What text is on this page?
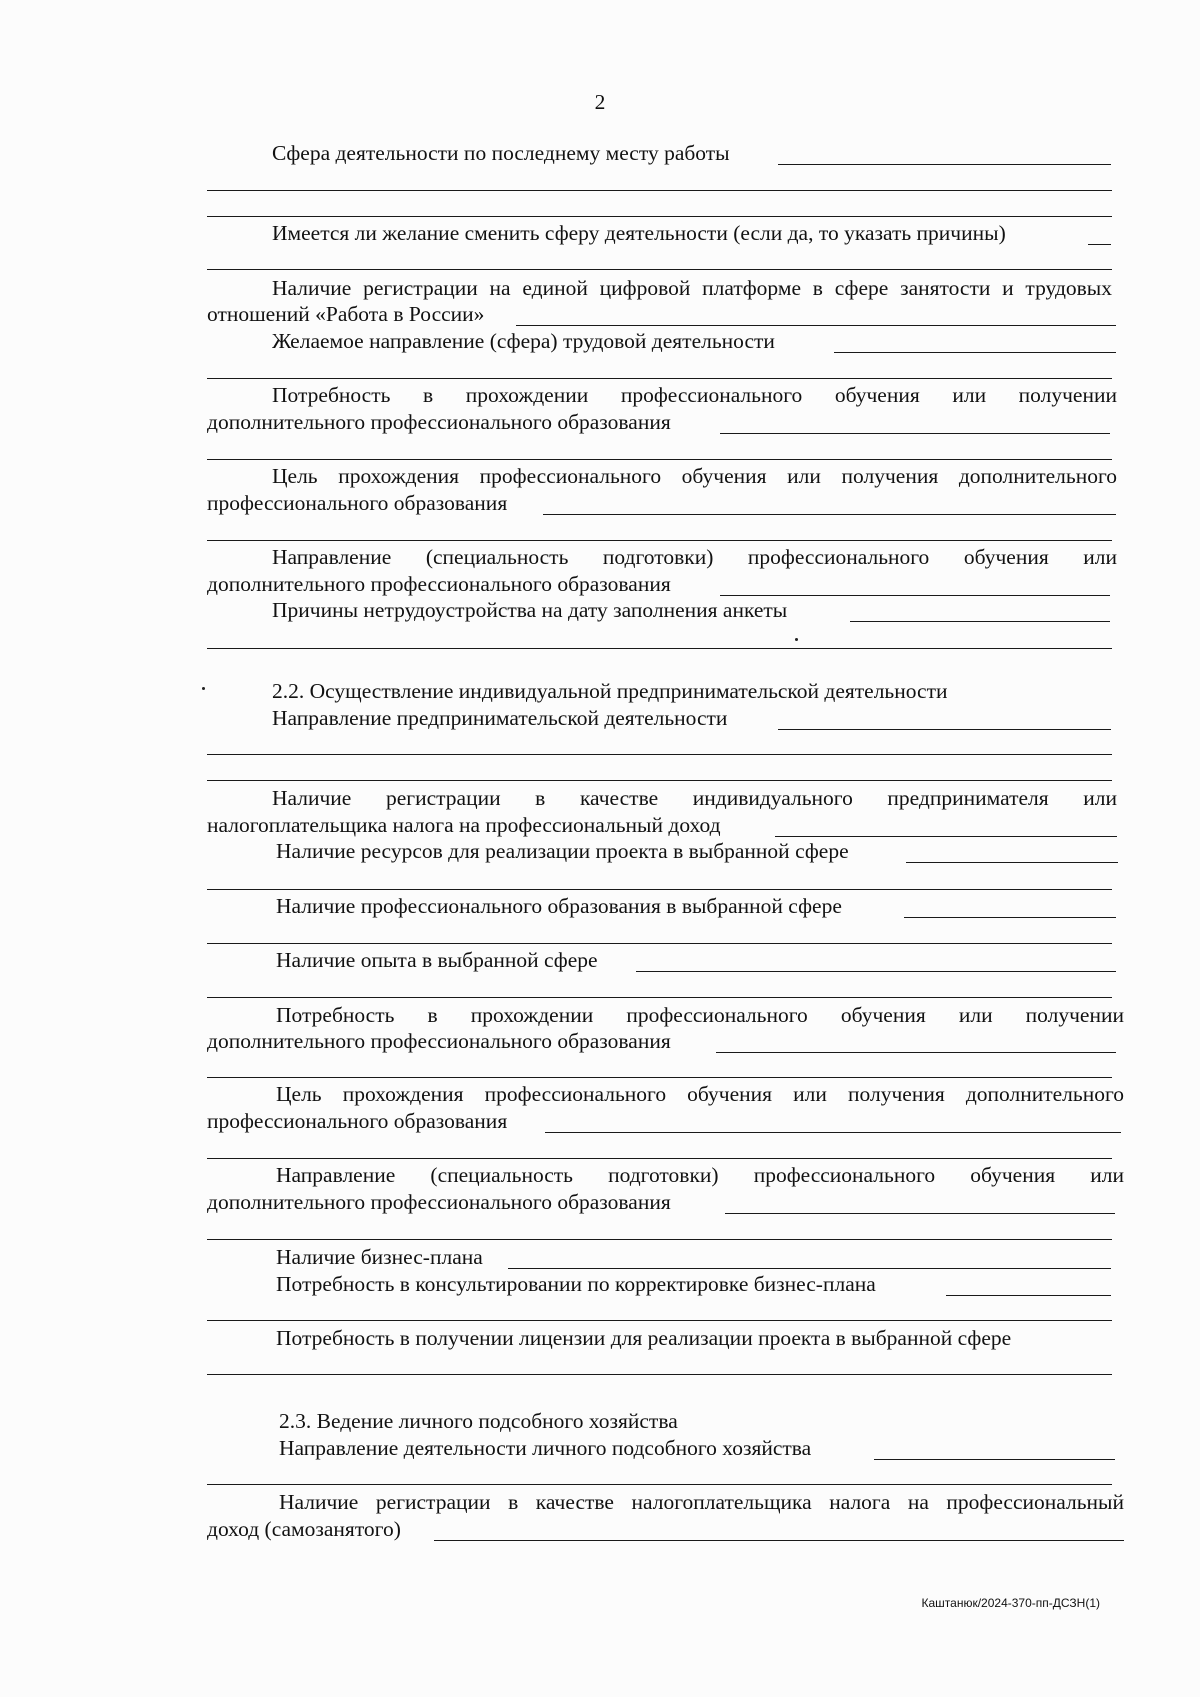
2
Сфера деятельности по последнему месту работы
Имеется ли желание сменить сферу деятельности (если да, то указать причины)
Наличие регистрации на единой цифровой платформе в сфере занятости и трудовых
отношений «Работа в России»
Желаемое направление (сфера) трудовой деятельности
Потребность в прохождении профессионального обучения или получении
дополнительного профессионального образования
Цель прохождения профессионального обучения или получения дополнительного
профессионального образования
Направление (специальность подготовки) профессионального обучения или
дополнительного профессионального образования
Причины нетрудоустройства на дату заполнения анкеты
2.2. Осуществление индивидуальной предпринимательской деятельности
Направление предпринимательской деятельности
Наличие регистрации в качестве индивидуального предпринимателя или
налогоплательщика налога на профессиональный доход
Наличие ресурсов для реализации проекта в выбранной сфере
Наличие профессионального образования в выбранной сфере
Наличие опыта в выбранной сфере
Потребность в прохождении профессионального обучения или получении
дополнительного профессионального образования
Цель прохождения профессионального обучения или получения дополнительного
профессионального образования
Направление (специальность подготовки) профессионального обучения или
дополнительного профессионального образования
Наличие бизнес-плана
Потребность в консультировании по корректировке бизнес-плана
Потребность в получении лицензии для реализации проекта в выбранной сфере
2.3. Ведение личного подсобного хозяйства
Направление деятельности личного подсобного хозяйства
Наличие регистрации в качестве налогоплательщика налога на профессиональный
доход (самозанятого)
Каштанюк/2024-370-пп-ДСЗН(1)
